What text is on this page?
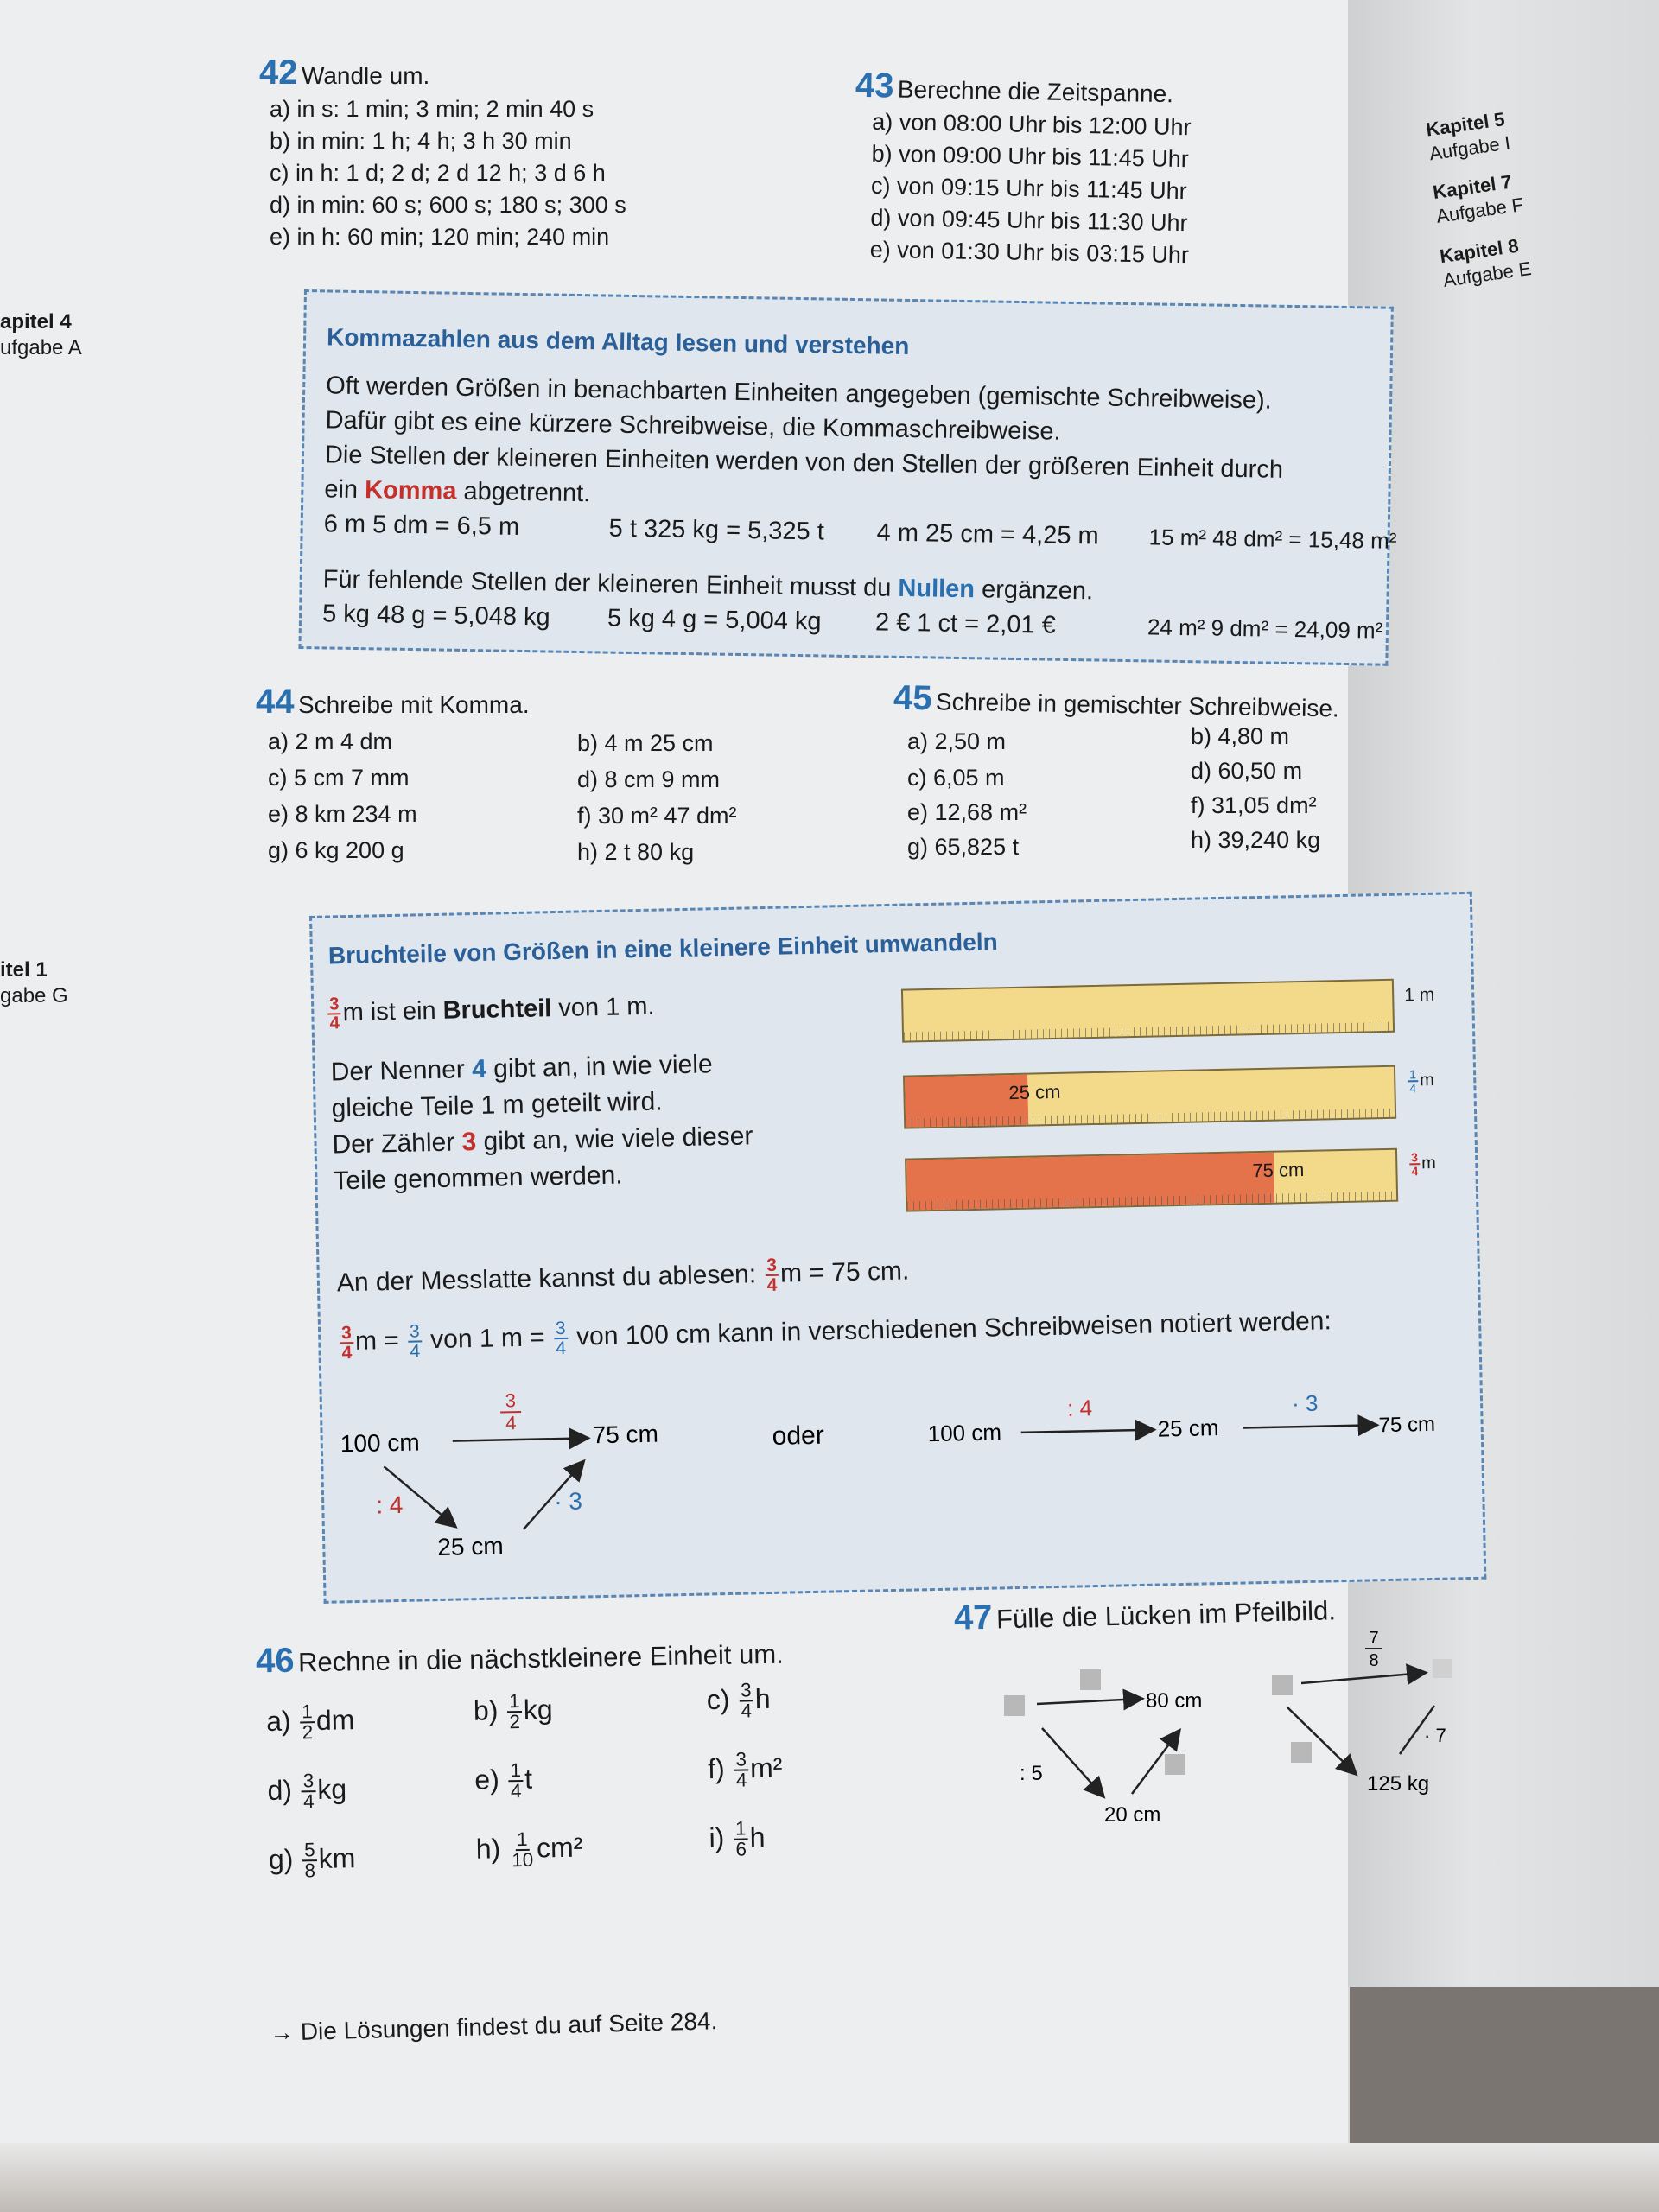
Kapitel 5
Aufgabe I
Kapitel 7
Aufgabe F
Kapitel 8
Aufgabe E
apitel 4
ufgabe A
itel 1
gabe G
42 Wandle um.
a) in s: 1 min; 3 min; 2 min 40 s
b) in min: 1 h; 4 h; 3 h 30 min
c) in h: 1 d; 2 d; 2 d 12 h; 3 d 6 h
d) in min: 60 s; 600 s; 180 s; 300 s
e) in h: 60 min; 120 min; 240 min
43 Berechne die Zeitspanne.
a) von 08:00 Uhr bis 12:00 Uhr
b) von 09:00 Uhr bis 11:45 Uhr
c) von 09:15 Uhr bis 11:45 Uhr
d) von 09:45 Uhr bis 11:30 Uhr
e) von 01:30 Uhr bis 03:15 Uhr
Kommazahlen aus dem Alltag lesen und verstehen
Oft werden Größen in benachbarten Einheiten angegeben (gemischte Schreibweise).
Dafür gibt es eine kürzere Schreibweise, die Kommaschreibweise.
Die Stellen der kleineren Einheiten werden von den Stellen der größeren Einheit durch
ein Komma abgetrennt.
6 m 5 dm = 6,5 m	5 t 325 kg = 5,325 t 4 m 25 cm = 4,25 m 15 m² 48 dm² = 15,48 m²
Für fehlende Stellen der kleineren Einheit musst du Nullen ergänzen.
5 kg 48 g = 5,048 kg 5 kg 4 g = 5,004 kg 2 € 1 ct = 2,01 €	24 m² 9 dm² = 24,09 m²
44 Schreibe mit Komma.
a) 2 m 4 dm	b) 4 m 25 cm
c) 5 cm 7 mm	d) 8 cm 9 mm
e) 8 km 234 m	f) 30 m² 47 dm²
g) 6 kg 200 g	h) 2 t 80 kg
45 Schreibe in gemischter Schreibweise.
a) 2,50 m	b) 4,80 m
c) 6,05 m	d) 60,50 m
e) 12,68 m²	f) 31,05 dm²
g) 65,825 t	h) 39,240 kg
Bruchteile von Größen in eine kleinere Einheit umwandeln
$\frac{3}{4}$ m ist ein Bruchteil von 1 m.
Der Nenner 4 gibt an, in wie viele
gleiche Teile 1 m geteilt wird.
Der Zähler 3 gibt an, wie viele dieser
Teile genommen werden.
1 m
25 cm	$\frac{1}{4}$ m
75 cm	$\frac{3}{4}$ m
An der Messlatte kannst du ablesen: $\frac{3}{4}$ m = 75 cm.
$\frac{3}{4}$ $m = \frac{3}{4}$ von 1 $m = \frac{3}{4}$ von 100 cm kann in verschiedenen Schreibweisen notiert werden:
100 cm
3
4	75 cm
: 4
25 cm
· 3
oder	100 cm
: 4
25 cm
· 3
75 cm
46 Rechne in die nächstkleinere Einheit um.
$a) \frac{1}{2}$ dm	$b) \frac{1}{2}$ kg	$c) \frac{3}{4}$ h
$d) \frac{3}{4}$ kg	$e) \frac{1}{4}$ t	$f) \frac{3}{4} m^2$
$g) \frac{5}{8}$ km	$h) \frac{1}{10} cm^2$	$i) \frac{1}{6}$ h
47 Fülle die Lücken im Pfeilbild.
80 cm
: 5
20 cm
7
8
125 kg
· 7
→ Die Lösungen findest du auf Seite 284.
